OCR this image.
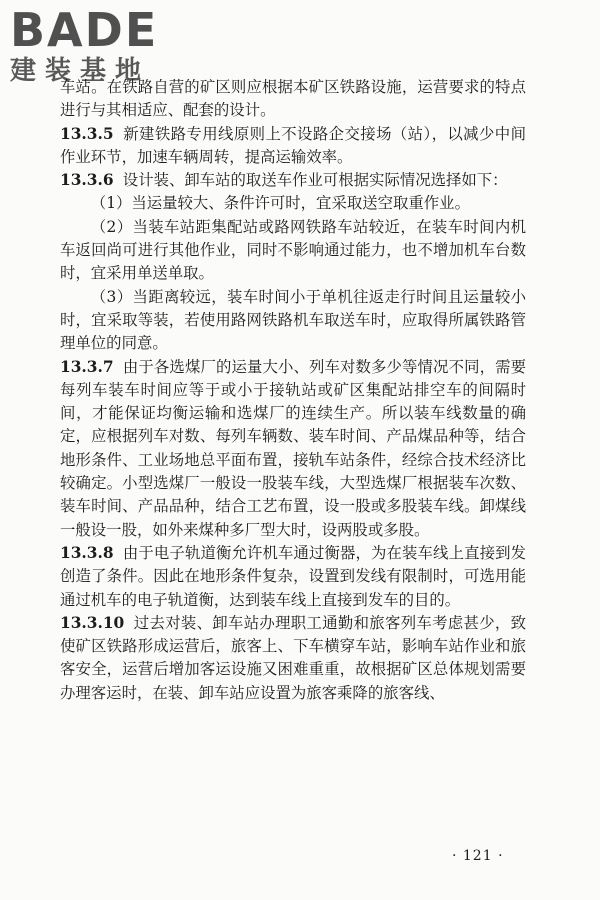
BADE
建装基地

车站。在铁路自营的矿区则应根据本矿区铁路设施，运营要求的特点进行与其相适应、配套的设计。

13.3.5 新建铁路专用线原则上不设路企交接场（站），以减少中间作业环节，加速车辆周转，提高运输效率。

13.3.6 设计装、卸车站的取送车作业可根据实际情况选择如下：

（1）当运量较大、条件许可时，宜采取送空取重作业。

（2）当装车站距集配站或路网铁路车站较近，在装车时间内机车返回尚可进行其他作业，同时不影响通过能力，也不增加机车台数时，宜采用单送单取。

（3）当距离较远，装车时间小于单机往返走行时间且运量较小时，宜采取等装，若使用路网铁路机车取送车时，应取得所属铁路管理单位的同意。

13.3.7 由于各选煤厂的运量大小、列车对数多少等情况不同，需要每列车装车时间应等于或小于接轨站或矿区集配站排空车的间隔时间，才能保证均衡运输和选煤厂的连续生产。所以装车线数量的确定，应根据列车对数、每列车辆数、装车时间、产品煤品种等，结合地形条件、工业场地总平面布置，接轨车站条件，经综合技术经济比较确定。小型选煤厂一般设一股装车线，大型选煤厂根据装车次数、装车时间、产品品种，结合工艺布置，设一股或多股装车线。卸煤线一般设一股，如外来煤种多厂型大时，设两股或多股。

13.3.8 由于电子轨道衡允许机车通过衡器，为在装车线上直接到发创造了条件。因此在地形条件复杂，设置到发线有限制时，可选用能通过机车的电子轨道衡，达到装车线上直接到发车的目的。

13.3.10 过去对装、卸车站办理职工通勤和旅客列车考虑甚少，致使矿区铁路形成运营后，旅客上、下车横穿车站，影响车站作业和旅客安全，运营后增加客运设施又困难重重，故根据矿区总体规划需要办理客运时，在装、卸车站应设置为旅客乘降的旅客线、

· 121 ·
